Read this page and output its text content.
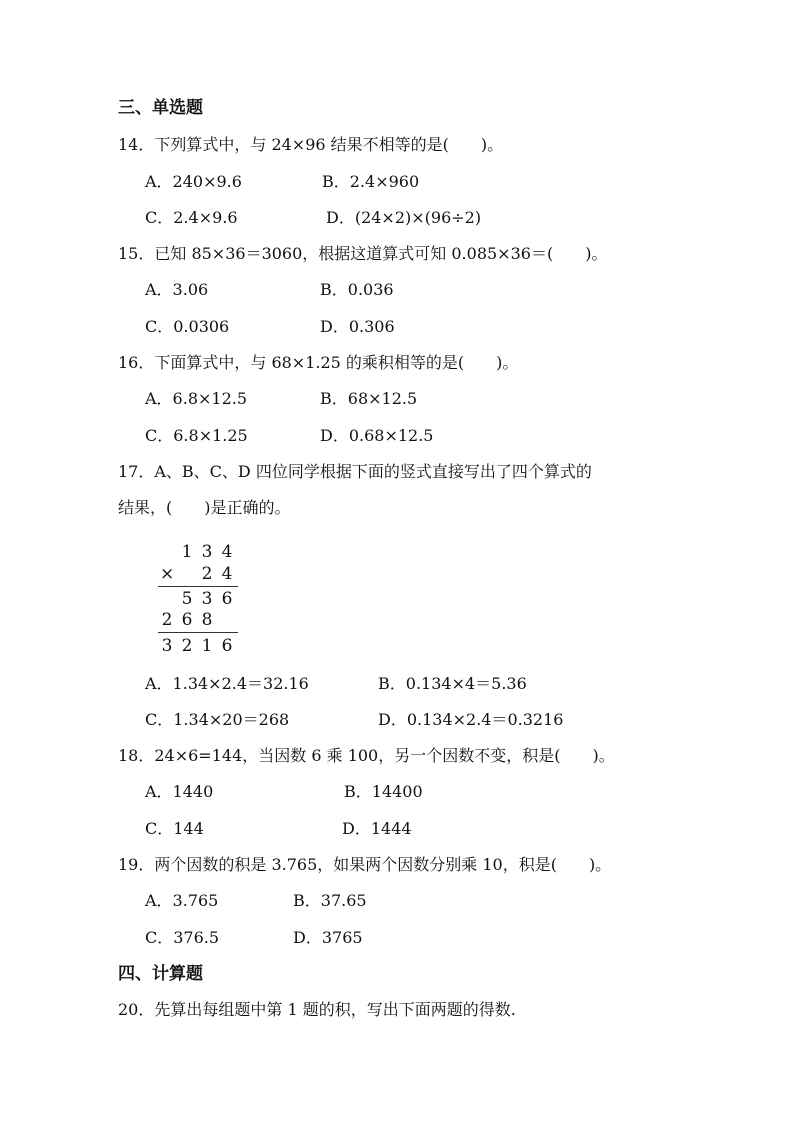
三、单选题
14．下列算式中，与 24×96 结果不相等的是(　　)。
A．240×9.6	B．2.4×960
C．2.4×9.6	D．(24×2)×(96÷2)
15．已知 85×36＝3060，根据这道算式可知 0.085×36＝(　　)。
A．3.06	B．0.036
C．0.0306	D．0.306
16．下面算式中，与 68×1.25 的乘积相等的是(　　)。
A．6.8×12.5	B．68×12.5
C．6.8×1.25	D．0.68×12.5
17．A、B、C、D 四位同学根据下面的竖式直接写出了四个算式的
结果，(　　)是正确的。
1 3 4
× 2 4
5 3 6
2 6 8
3 2 1 6
A．1.34×2.4＝32.16	B．0.134×4＝5.36
C．1.34×20＝268	D．0.134×2.4＝0.3216
18．24×6=144，当因数 6 乘 100，另一个因数不变，积是(　　)。
A．1440	B．14400
C．144	D．1444
19．两个因数的积是 3.765，如果两个因数分别乘 10，积是(　　)。
A．3.765	B．37.65
C．376.5	D．3765
四、计算题
20．先算出每组题中第 1 题的积，写出下面两题的得数.
